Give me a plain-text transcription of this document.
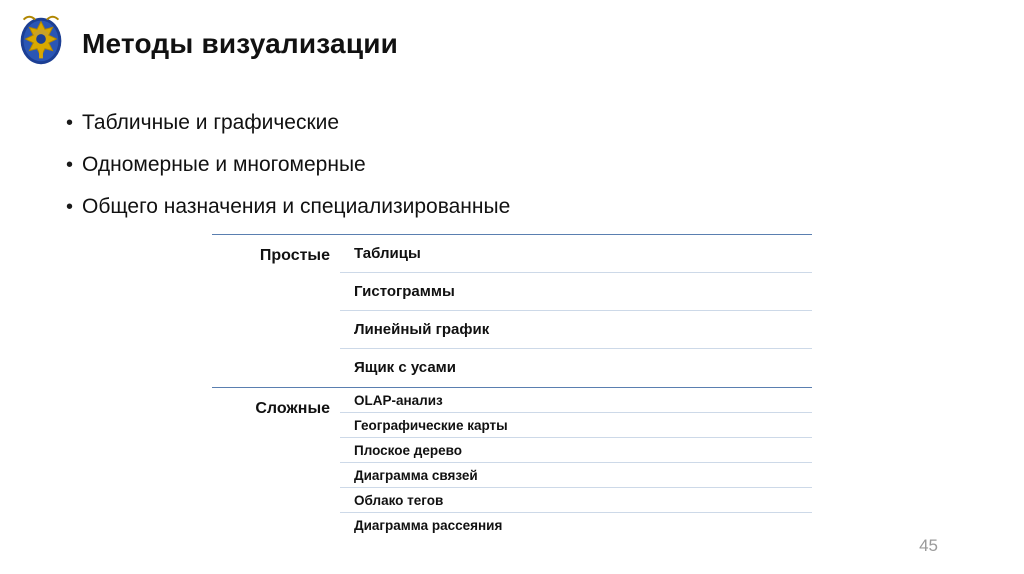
Методы визуализации
• Табличные и графические
• Одномерные и многомерные
• Общего назначения и специализированные
Простые	Таблицы
Гистограммы
Линейный график
Ящик с усами
Сложные	OLAP-анализ
Географические карты
Плоское дерево
Диаграмма связей
Облако тегов
Диаграмма рассеяния
45
